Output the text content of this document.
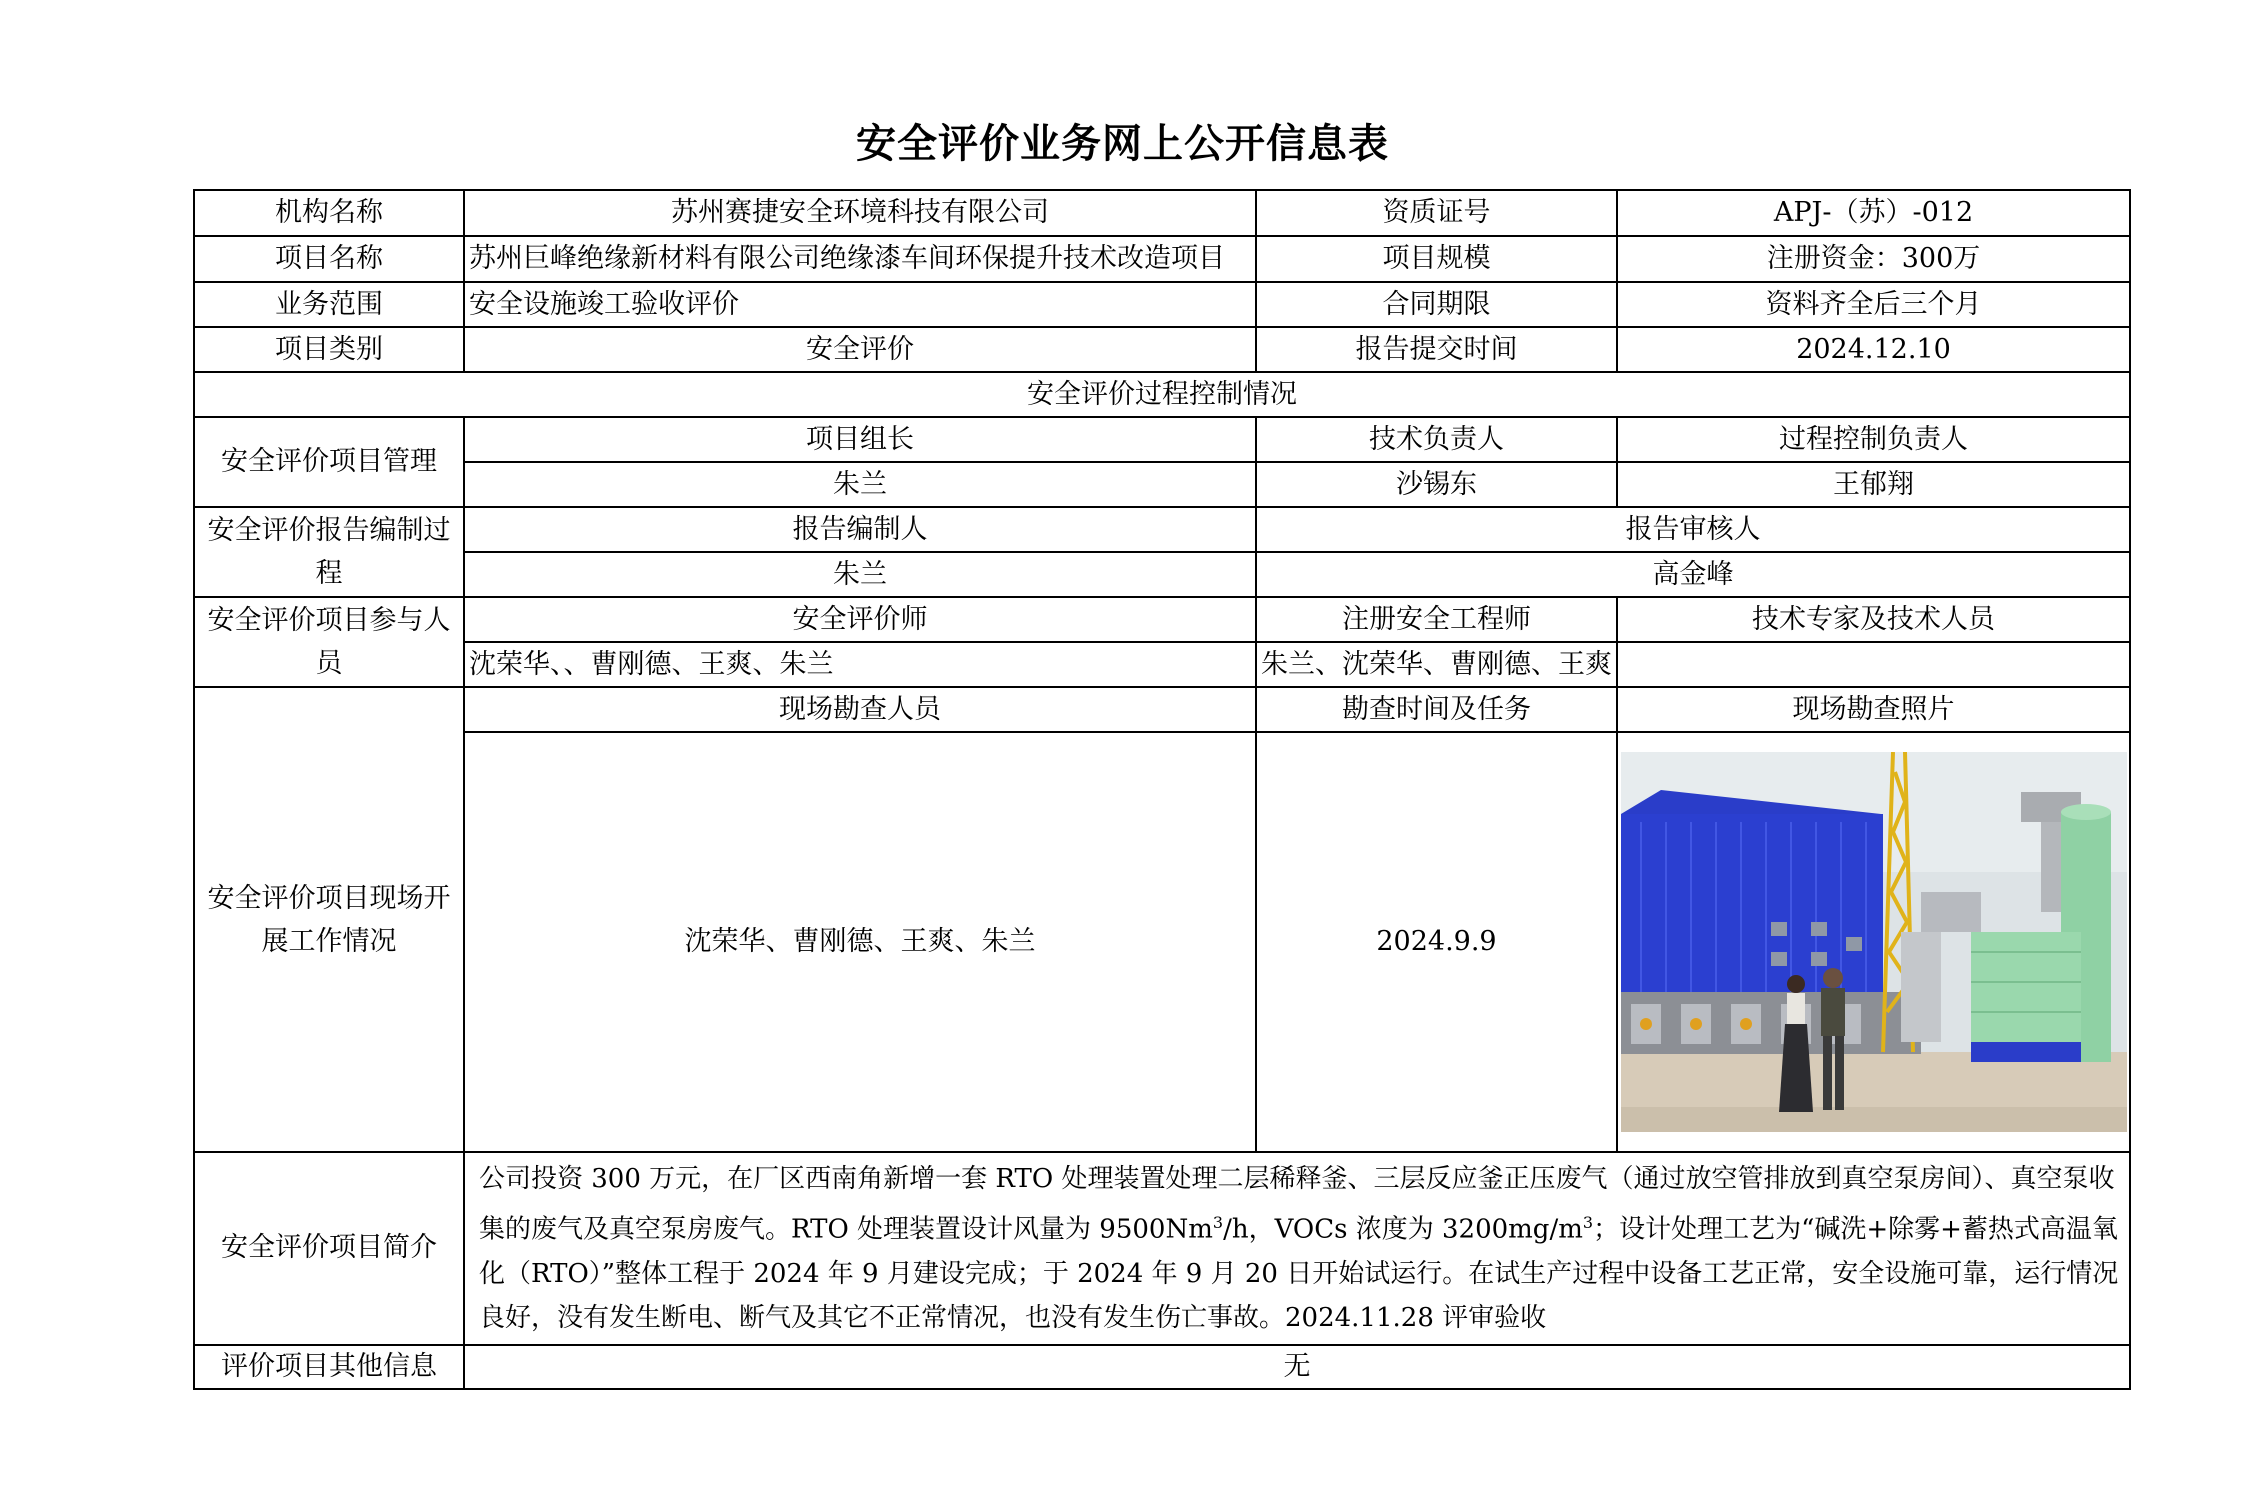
安全评价业务网上公开信息表
机构名称	苏州赛捷安全环境科技有限公司	资质证号	APJ-（苏）-012
项目名称	苏州巨峰绝缘新材料有限公司绝缘漆车间环保提升技术改造项目	项目规模	注册资金：300万
业务范围	安全设施竣工验收评价	合同期限	资料齐全后三个月
项目类别	安全评价	报告提交时间	2024.12.10
安全评价过程控制情况			
安全评价项目管理	项目组长	技术负责人	过程控制负责人
	朱兰	沙锡东	王郁翔
安全评价报告编制过程	报告编制人	报告审核人	
	朱兰	高金峰	
安全评价项目参与人员	安全评价师	注册安全工程师	技术专家及技术人员
	沈荣华、、曹刚德、王爽、朱兰	朱兰、沈荣华、曹刚德、王爽	
安全评价项目现场开展工作情况	现场勘查人员	勘查时间及任务	现场勘查照片
	沈荣华、曹刚德、王爽、朱兰	2024.9.9	

安全评价项目简介	公司投资 300 万元，在厂区西南角新增一套 RTO 处理装置处理二层稀释釜、三层反应釜正压废气（通过放空管排放到真空泵房间）、真空泵收集的废气及真空泵房废气。RTO 处理装置设计风量为 9500Nm$^3$/h，VOCs 浓度为 $3200mg/m^3$；设计处理工艺为“碱洗+除雾+蓄热式高温氧化（RTO）”整体工程于 2024 年 9 月建设完成；于 2024 年 9 月 20 日开始试运行。在试生产过程中设备工艺正常，安全设施可靠，运行情况良好，没有发生断电、断气及其它不正常情况，也没有发生伤亡事故。2024.11.28 评审验收		
评价项目其他信息	无		
